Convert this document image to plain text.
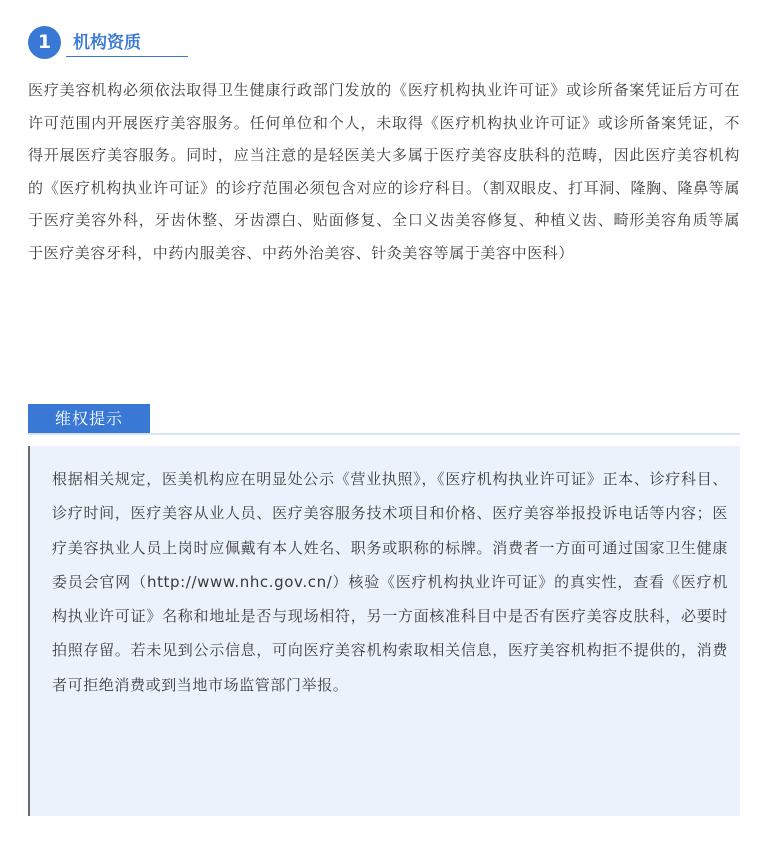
1	机构资质

医疗美容机构必须依法取得卫生健康行政部门发放的《医疗机构执业许可证》或诊所备案凭证后方可在许可范围内开展医疗美容服务。任何单位和个人，未取得《医疗机构执业许可证》或诊所备案凭证，不得开展医疗美容服务。同时，应当注意的是轻医美大多属于医疗美容皮肤科的范畴，因此医疗美容机构的《医疗机构执业许可证》的诊疗范围必须包含对应的诊疗科目。（割双眼皮、打耳洞、隆胸、隆鼻等属于医疗美容外科，牙齿休整、牙齿漂白、贴面修复、全口义齿美容修复、种植义齿、畸形美容角质等属于医疗美容牙科，中药内服美容、中药外治美容、针灸美容等属于美容中医科）

维权提示

根据相关规定，医美机构应在明显处公示《营业执照》，《医疗机构执业许可证》正本、诊疗科目、诊疗时间，医疗美容从业人员、医疗美容服务技术项目和价格、医疗美容举报投诉电话等内容；医疗美容执业人员上岗时应佩戴有本人姓名、职务或职称的标牌。消费者一方面可通过国家卫生健康委员会官网（http://www.nhc.gov.cn/）核验《医疗机构执业许可证》的真实性，查看《医疗机构执业许可证》名称和地址是否与现场相符，另一方面核准科目中是否有医疗美容皮肤科，必要时拍照存留。若未见到公示信息，可向医疗美容机构索取相关信息，医疗美容机构拒不提供的，消费者可拒绝消费或到当地市场监管部门举报。
